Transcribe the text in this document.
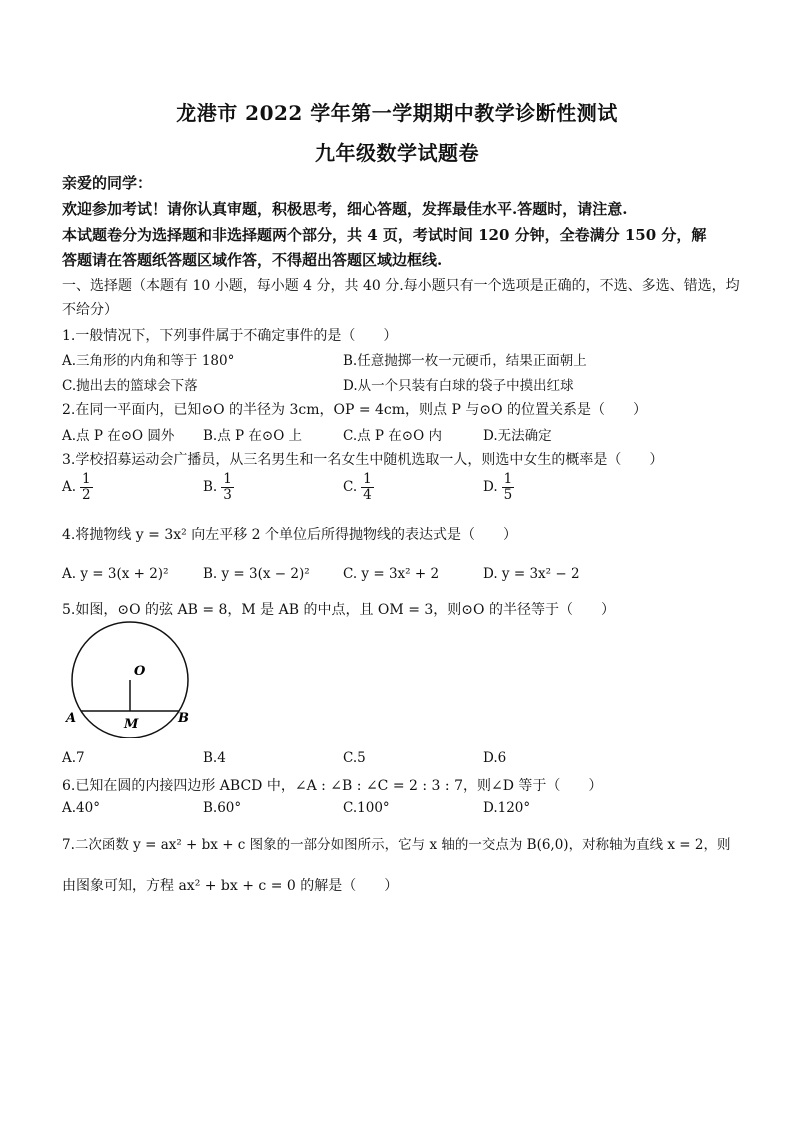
龙港市 2022 学年第一学期期中教学诊断性测试
九年级数学试题卷
亲爱的同学：
欢迎参加考试！请你认真审题，积极思考，细心答题，发挥最佳水平.答题时，请注意.
本试题卷分为选择题和非选择题两个部分，共 4 页，考试时间 120 分钟，全卷满分 150 分，解
答题请在答题纸答题区域作答，不得超出答题区域边框线.
一、选择题（本题有 10 小题，每小题 4 分，共 40 分.每小题只有一个选项是正确的，不选、多选、错选，均
不给分）
1.一般情况下，下列事件属于不确定事件的是（　　）
A.三角形的内角和等于 180°	B.任意抛掷一枚一元硬币，结果正面朝上
C.抛出去的篮球会下落	D.从一个只装有白球的袋子中摸出红球
2.在同一平面内，已知⊙O 的半径为 3cm，OP = 4cm，则点 P 与⊙O 的位置关系是（　　）
A.点 P 在⊙O 圆外 B.点 P 在⊙O 上	C.点 P 在⊙O 内	D.无法确定
3.学校招募运动会广播员，从三名男生和一名女生中随机选取一人，则选中女生的概率是（　　）
A. $\frac{1}{2}$	B. $\frac{1}{3}$	C. $\frac{1}{4}$	D. $\frac{1}{5}$
4.将抛物线 y = 3x² 向左平移 2 个单位后所得抛物线的表达式是（　　）
A. y = 3(x + 2)²	B. y = 3(x − 2)² C. y = 3x² + 2	D. y = 3x² − 2
5.如图，⊙O 的弦 AB = 8，M 是 AB 的中点，且 OM = 3，则⊙O 的半径等于（　　）
O
A	B
M
A.7	B.4	C.5	D.6
6.已知在圆的内接四边形 ABCD 中，∠A : ∠B : ∠C = 2 : 3 : 7，则∠D 等于（　　）
A.40°	B.60°	C.100°	D.120°
7.二次函数 y = ax² + bx + c 图象的一部分如图所示，它与 x 轴的一交点为 B(6,0)，对称轴为直线 x = 2，则
由图象可知，方程 ax² + bx + c = 0 的解是（　　）
